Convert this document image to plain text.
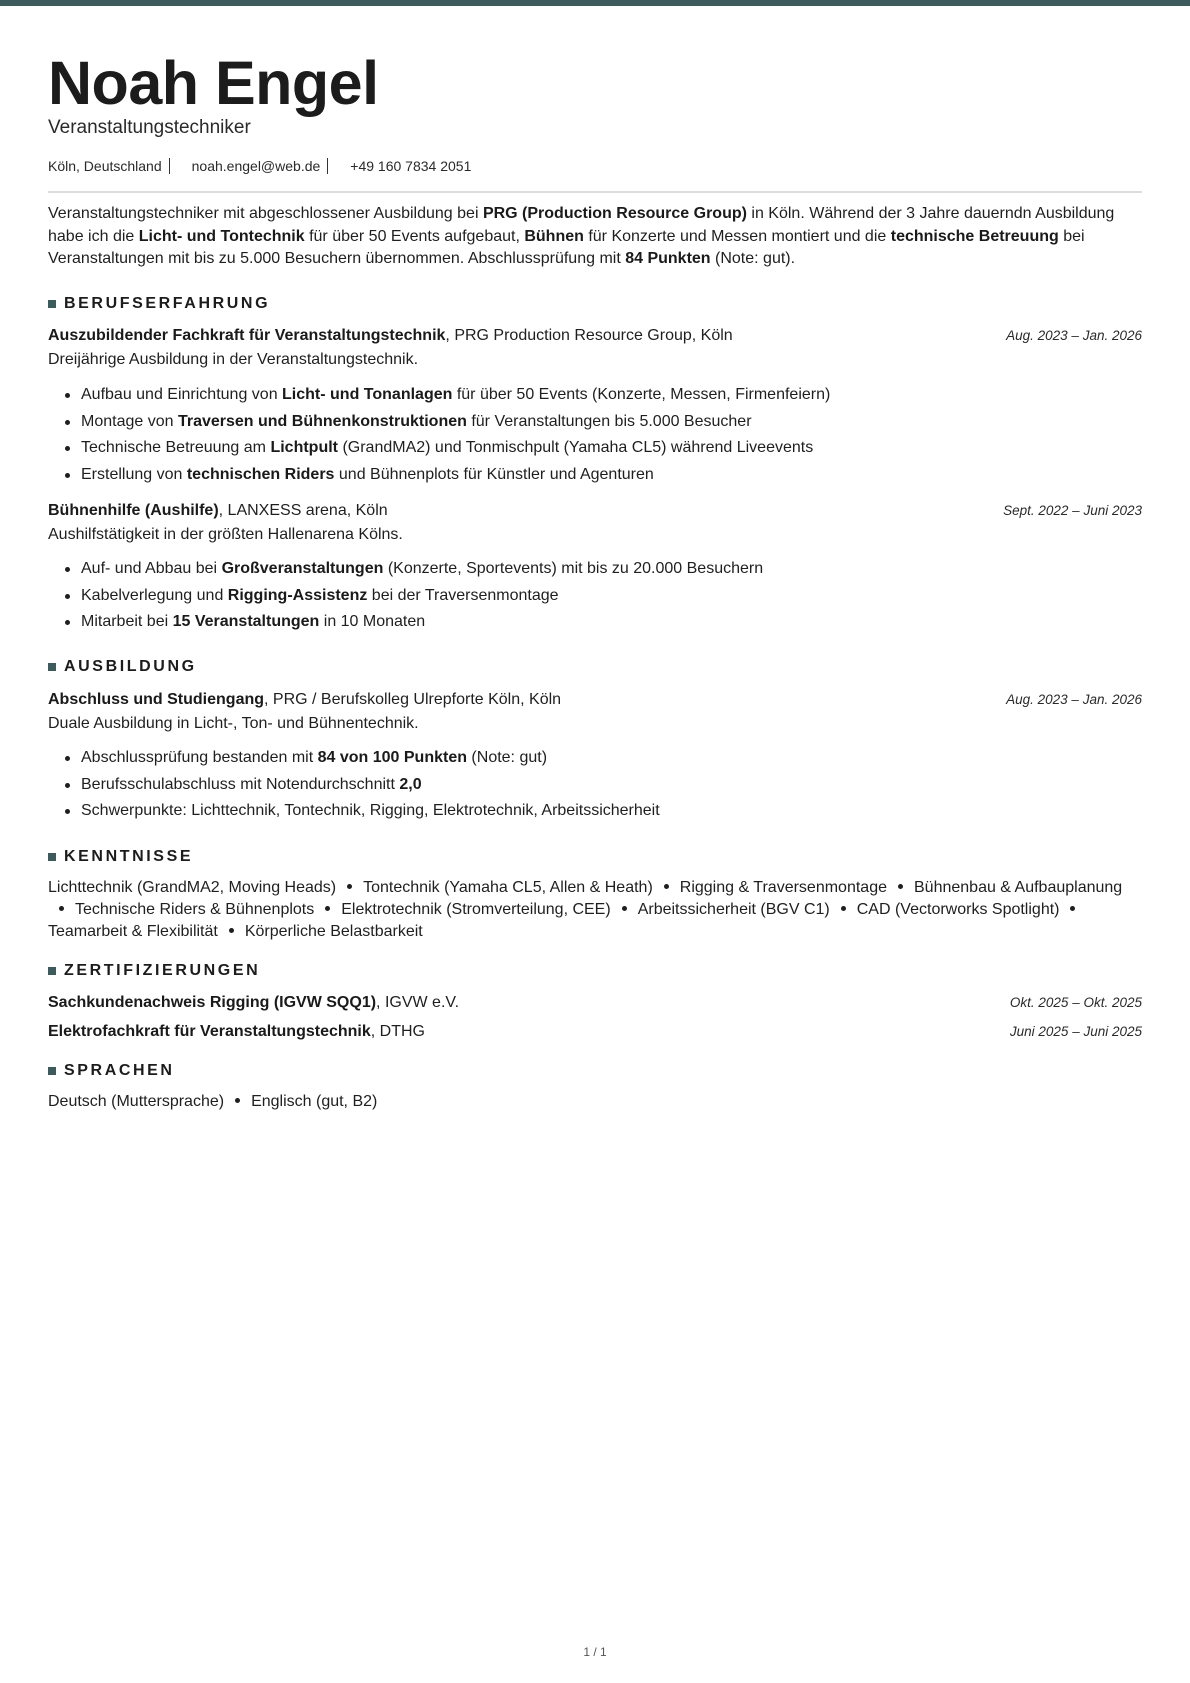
Noah Engel
Veranstaltungstechniker
Köln, Deutschland noah.engel@web.de +49 160 7834 2051
Veranstaltungstechniker mit abgeschlossener Ausbildung bei PRG (Production Resource Group) in Köln. Während der 3 Jahre dauerndn Ausbildung habe ich die Licht- und Tontechnik für über 50 Events aufgebaut, Bühnen für Konzerte und Messen montiert und die technische Betreuung bei Veranstaltungen mit bis zu 5.000 Besuchern übernommen. Abschlussprüfung mit 84 Punkten (Note: gut).
BERUFSERFAHRUNG
Auszubildender Fachkraft für Veranstaltungstechnik, PRG Production Resource Group, Köln	Aug. 2023 – Jan. 2026
Dreijährige Ausbildung in der Veranstaltungstechnik.
Aufbau und Einrichtung von Licht- und Tonanlagen für über 50 Events (Konzerte, Messen, Firmenfeiern)
Montage von Traversen und Bühnenkonstruktionen für Veranstaltungen bis 5.000 Besucher
Technische Betreuung am Lichtpult (GrandMA2) und Tonmischpult (Yamaha CL5) während Liveevents
Erstellung von technischen Riders und Bühnenplots für Künstler und Agenturen
Bühnenhilfe (Aushilfe), LANXESS arena, Köln	Sept. 2022 – Juni 2023
Aushilfstätigkeit in der größten Hallenarena Kölns.
Auf- und Abbau bei Großveranstaltungen (Konzerte, Sportevents) mit bis zu 20.000 Besuchern
Kabelverlegung und Rigging-Assistenz bei der Traversenmontage
Mitarbeit bei 15 Veranstaltungen in 10 Monaten
AUSBILDUNG
Abschluss und Studiengang, PRG / Berufskolleg Ulrepforte Köln, Köln	Aug. 2023 – Jan. 2026
Duale Ausbildung in Licht-, Ton- und Bühnentechnik.
Abschlussprüfung bestanden mit 84 von 100 Punkten (Note: gut)
Berufsschulabschluss mit Notendurchschnitt 2,0
Schwerpunkte: Lichttechnik, Tontechnik, Rigging, Elektrotechnik, Arbeitssicherheit
KENNTNISSE
Lichttechnik (GrandMA2, Moving Heads) Tontechnik (Yamaha CL5, Allen & Heath) Rigging & Traversenmontage Bühnenbau & AufbauplanungTechnische Riders & Bühnenplots Elektrotechnik (Stromverteilung, CEE) Arbeitssicherheit (BGV C1) CAD (Vectorworks Spotlight)Teamarbeit & Flexibilität Körperliche Belastbarkeit
ZERTIFIZIERUNGEN
Sachkundenachweis Rigging (IGVW SQQ1), IGVW e.V.	Okt. 2025 – Okt. 2025
Elektrofachkraft für Veranstaltungstechnik, DTHG	Juni 2025 – Juni 2025
SPRACHEN
Deutsch (Muttersprache) Englisch (gut, B2)
1 / 1
